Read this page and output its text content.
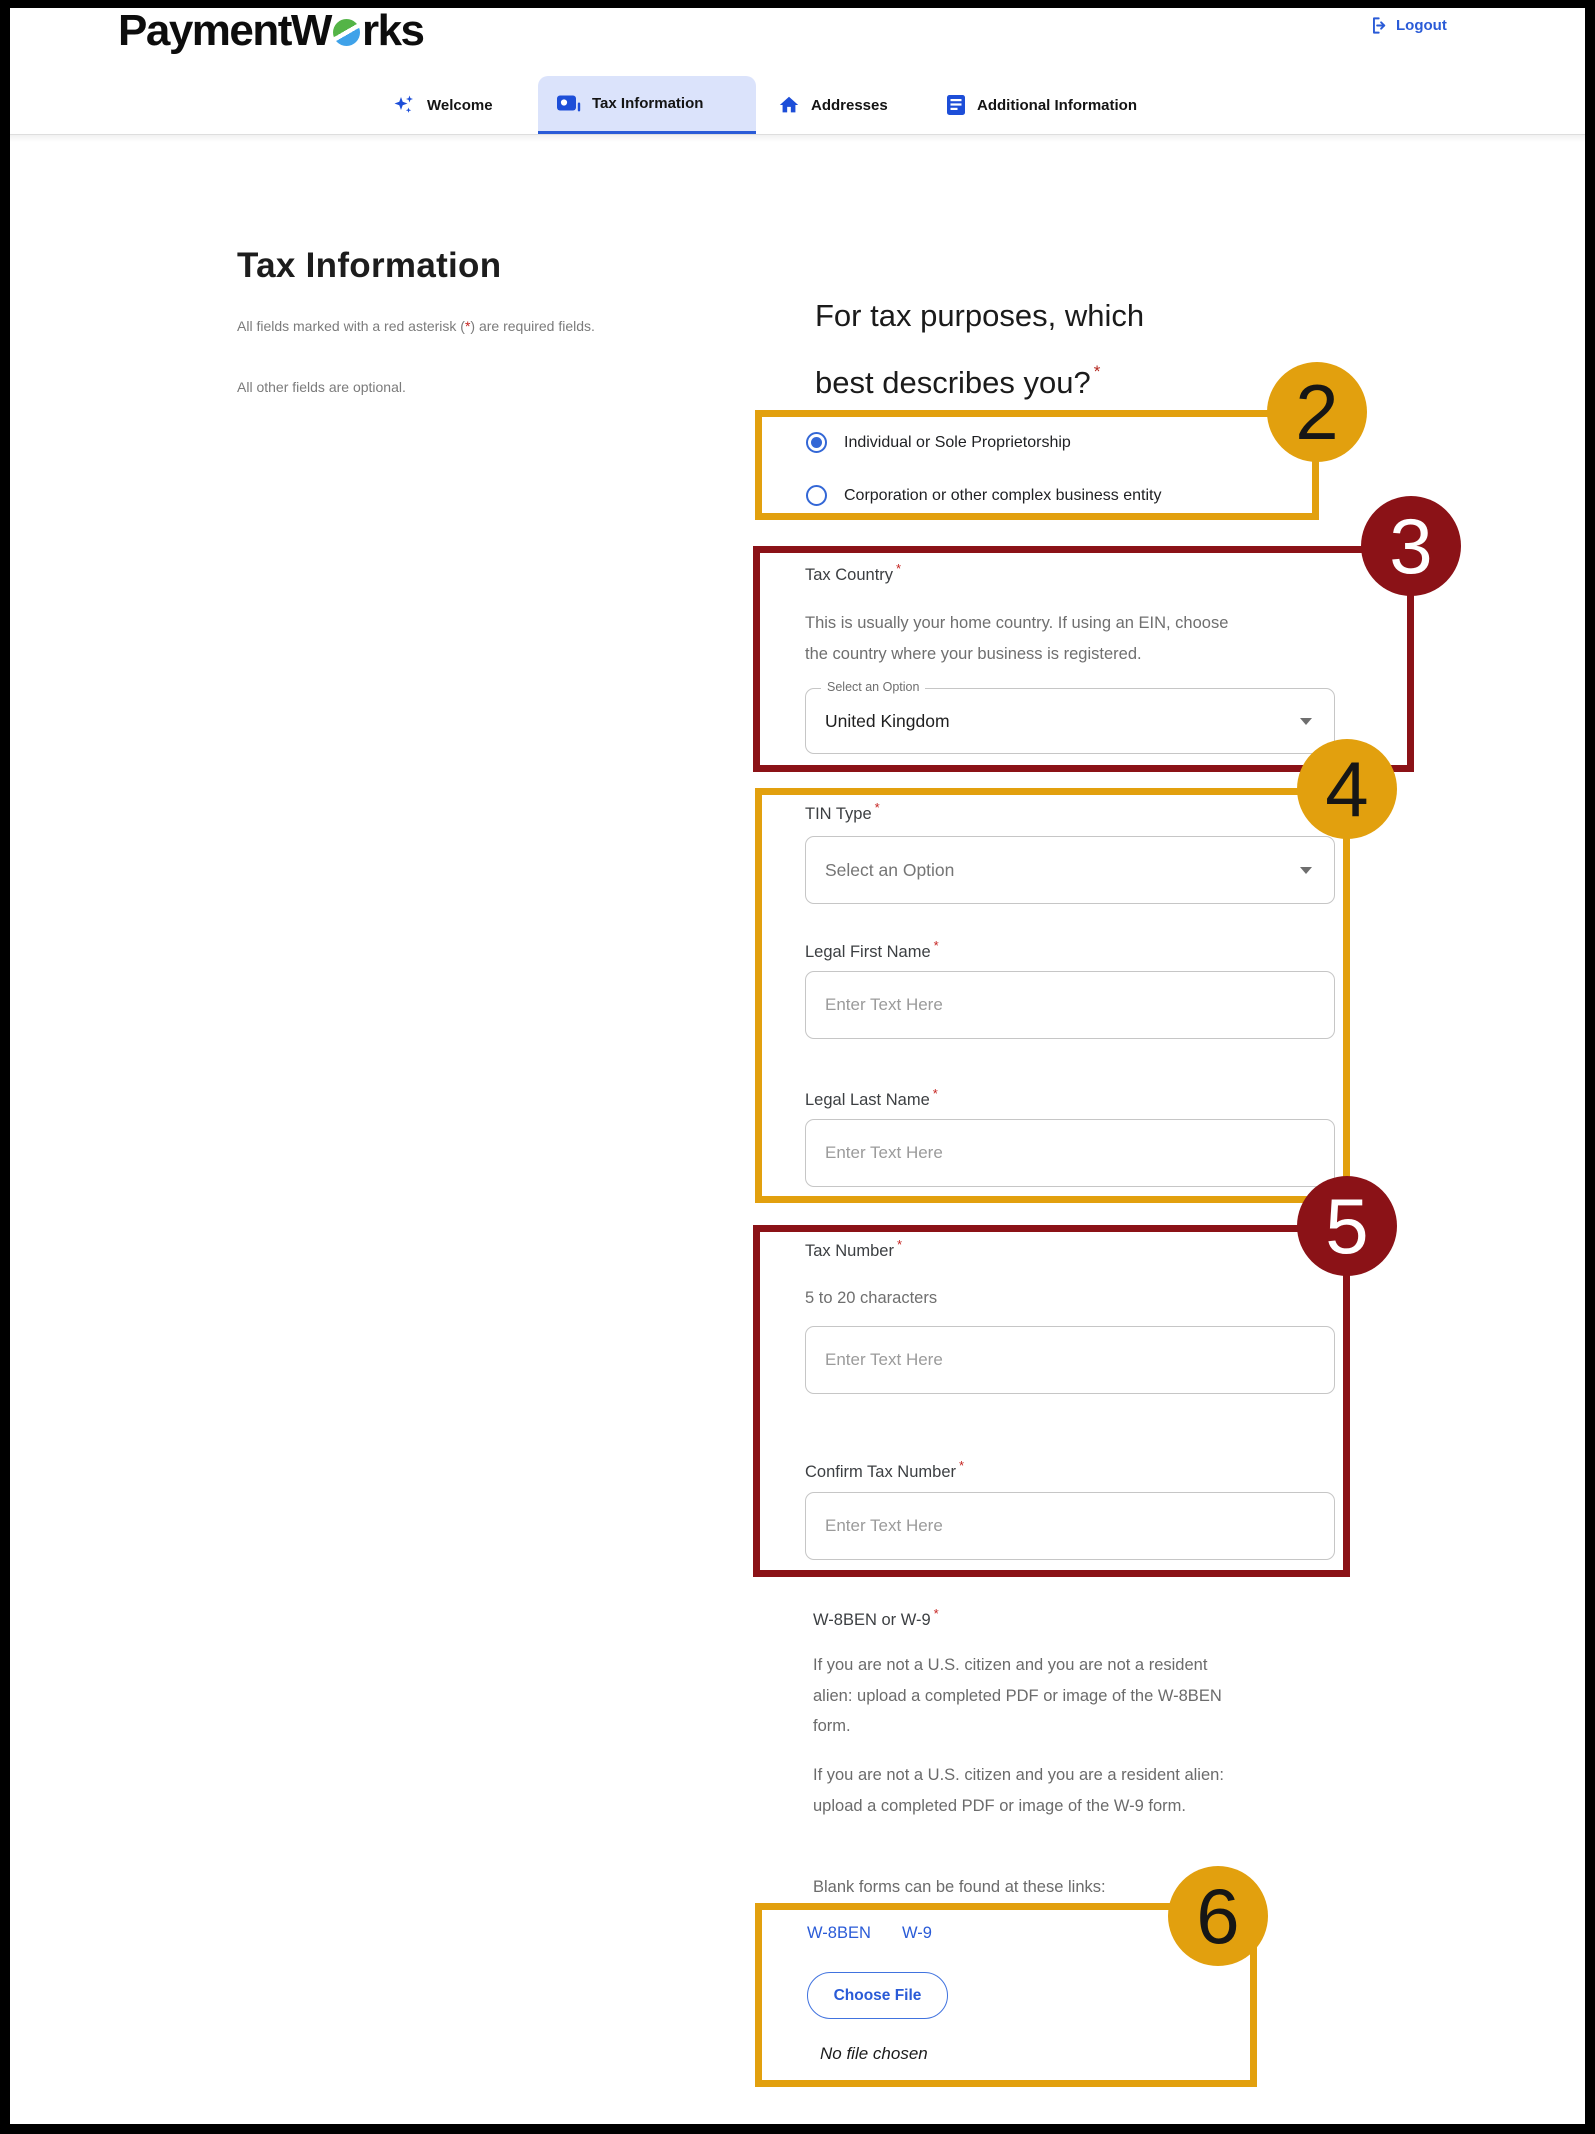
PaymentW rks	Logout
Welcome	Tax Information	Addresses	Additional Information
Tax Information
All fields marked with a red asterisk (*) are required fields.
All other fields are optional.
For tax purposes, which
best describes you? *
Individual or Sole Proprietorship
Corporation or other complex business entity
Tax Country *
This is usually your home country. If using an EIN, choose the country where your business is registered.
Select an Option
United Kingdom
TIN Type *
Select an Option
Legal First Name *
Enter Text Here
Legal Last Name *
Enter Text Here
Tax Number *
5 to 20 characters
Enter Text Here
Confirm Tax Number *
Enter Text Here
W-8BEN or W-9 *
If you are not a U.S. citizen and you are not a resident alien: upload a completed PDF or image of the W-8BEN form.
If you are not a U.S. citizen and you are a resident alien: upload a completed PDF or image of the W-9 form.
Blank forms can be found at these links:
W-8BEN W-9
Choose File
No file chosen
2
3
4
5
6
